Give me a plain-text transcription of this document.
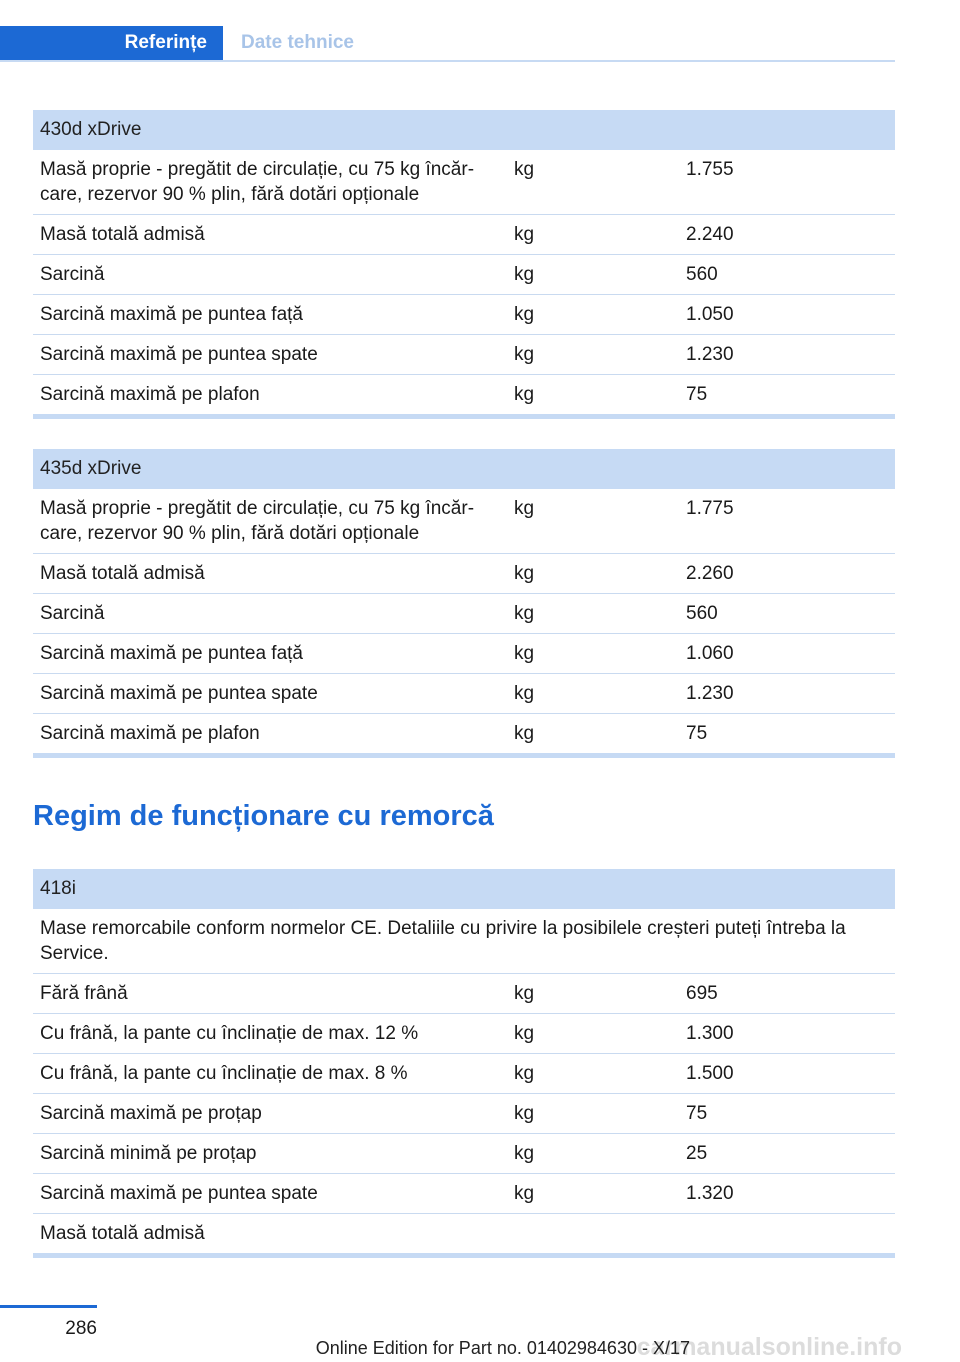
Referințe	Date tehnice
430d xDrive
Masă proprie - pregătit de circulație, cu 75 kg încăr-
care, rezervor 90 % plin, fără dotări opționale
kg	1.755
Masă totală admisă	kg	2.240
Sarcină	kg	560
Sarcină maximă pe puntea față	kg	1.050
Sarcină maximă pe puntea spate	kg	1.230
Sarcină maximă pe plafon	kg	75
435d xDrive
Masă proprie - pregătit de circulație, cu 75 kg încăr-
care, rezervor 90 % plin, fără dotări opționale
kg	1.775
Masă totală admisă	kg	2.260
Sarcină	kg	560
Sarcină maximă pe puntea față	kg	1.060
Sarcină maximă pe puntea spate	kg	1.230
Sarcină maximă pe plafon	kg	75
Regim de funcționare cu remorcă
418i
Mase remorcabile conform normelor CE. Detaliile cu privire la posibilele creșteri puteți întreba la Service.
Fără frână	kg	695
Cu frână, la pante cu înclinație de max. 12 %	kg	1.300
Cu frână, la pante cu înclinație de max. 8 %	kg	1.500
Sarcină maximă pe proțap	kg	75
Sarcină minimă pe proțap	kg	25
Sarcină maximă pe puntea spate	kg	1.320
Masă totală admisă
286
carmanualsonline.info
Online Edition for Part no. 01402984630 - X/17
